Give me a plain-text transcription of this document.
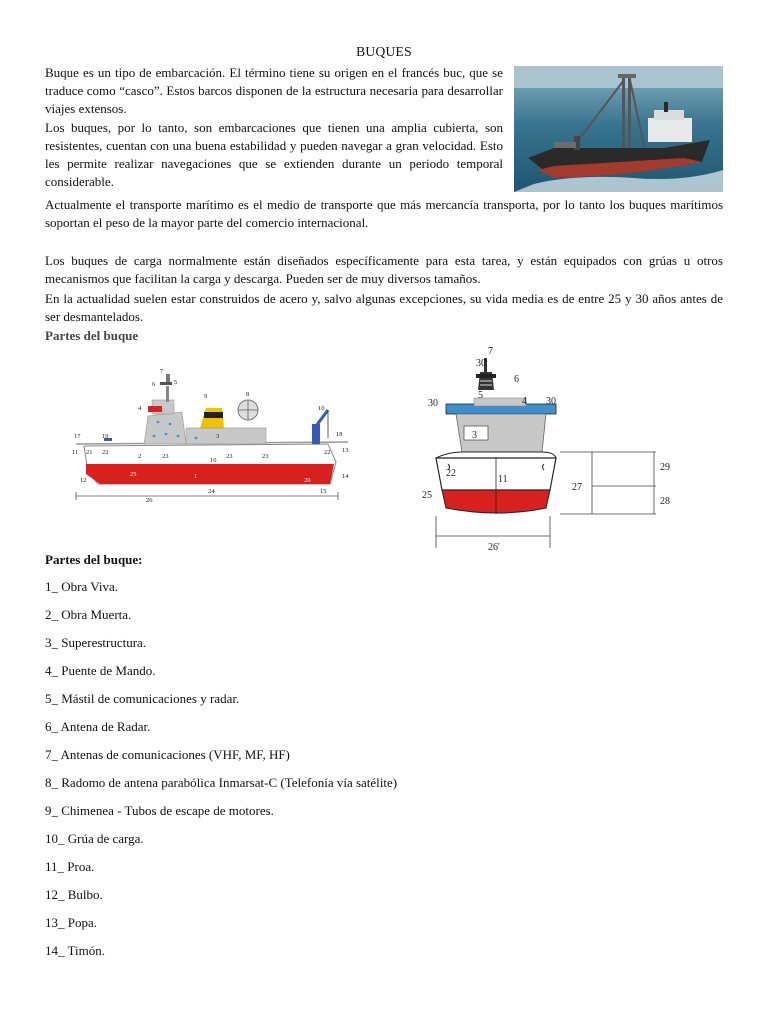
BUQUES

Buque es un tipo de embarcación. El término tiene su origen en el francés buc, que se traduce como “casco”. Estos barcos disponen de la estructura necesaria para desarrollar viajes extensos.

Los buques, por lo tanto, son embarcaciones que tienen una amplia cubierta, son resistentes, cuentan con una buena estabilidad y pueden navegar a gran velocidad. Esto les permite realizar navegaciones que se extienden durante un periodo temporal considerable.

Actualmente el transporte marítimo es el medio de transporte que más mercancía transporta, por lo tanto los buques marítimos soportan el peso de la mayor parte del comercio internacional.
Los buques de carga normalmente están diseñados específicamente para esta tarea, y están equipados con grúas u otros mecanismos que facilitan la carga y descarga. Pueden ser de muy diversos tamaños.
En la actualidad suelen estar construidos de acero y, salvo algunas excepciones, su vida media es de entre 25 y 30 años antes de ser desmantelados.
Partes del buque
7
6	5
4
9	8
10
3
17	19	18
11 21 22
2	23
16
23	23
22 13
25	1
20
14
12
24	15
26
7
30
6
5
4
30	30
3
22
11
25
27
29
28
26'
Partes del buque:
1_ Obra Viva.
2_ Obra Muerta.
3_ Superestructura.
4_ Puente de Mando.
5_ Mástil de comunicaciones y radar.
6_ Antena de Radar.
7_ Antenas de comunicaciones (VHF, MF, HF)
8_ Radomo de antena parabólica Inmarsat-C (Telefonía vía satélite)
9_ Chimenea - Tubos de escape de motores.
10_ Grúa de carga.
11_ Proa.
12_ Bulbo.
13_ Popa.
14_ Timón.
